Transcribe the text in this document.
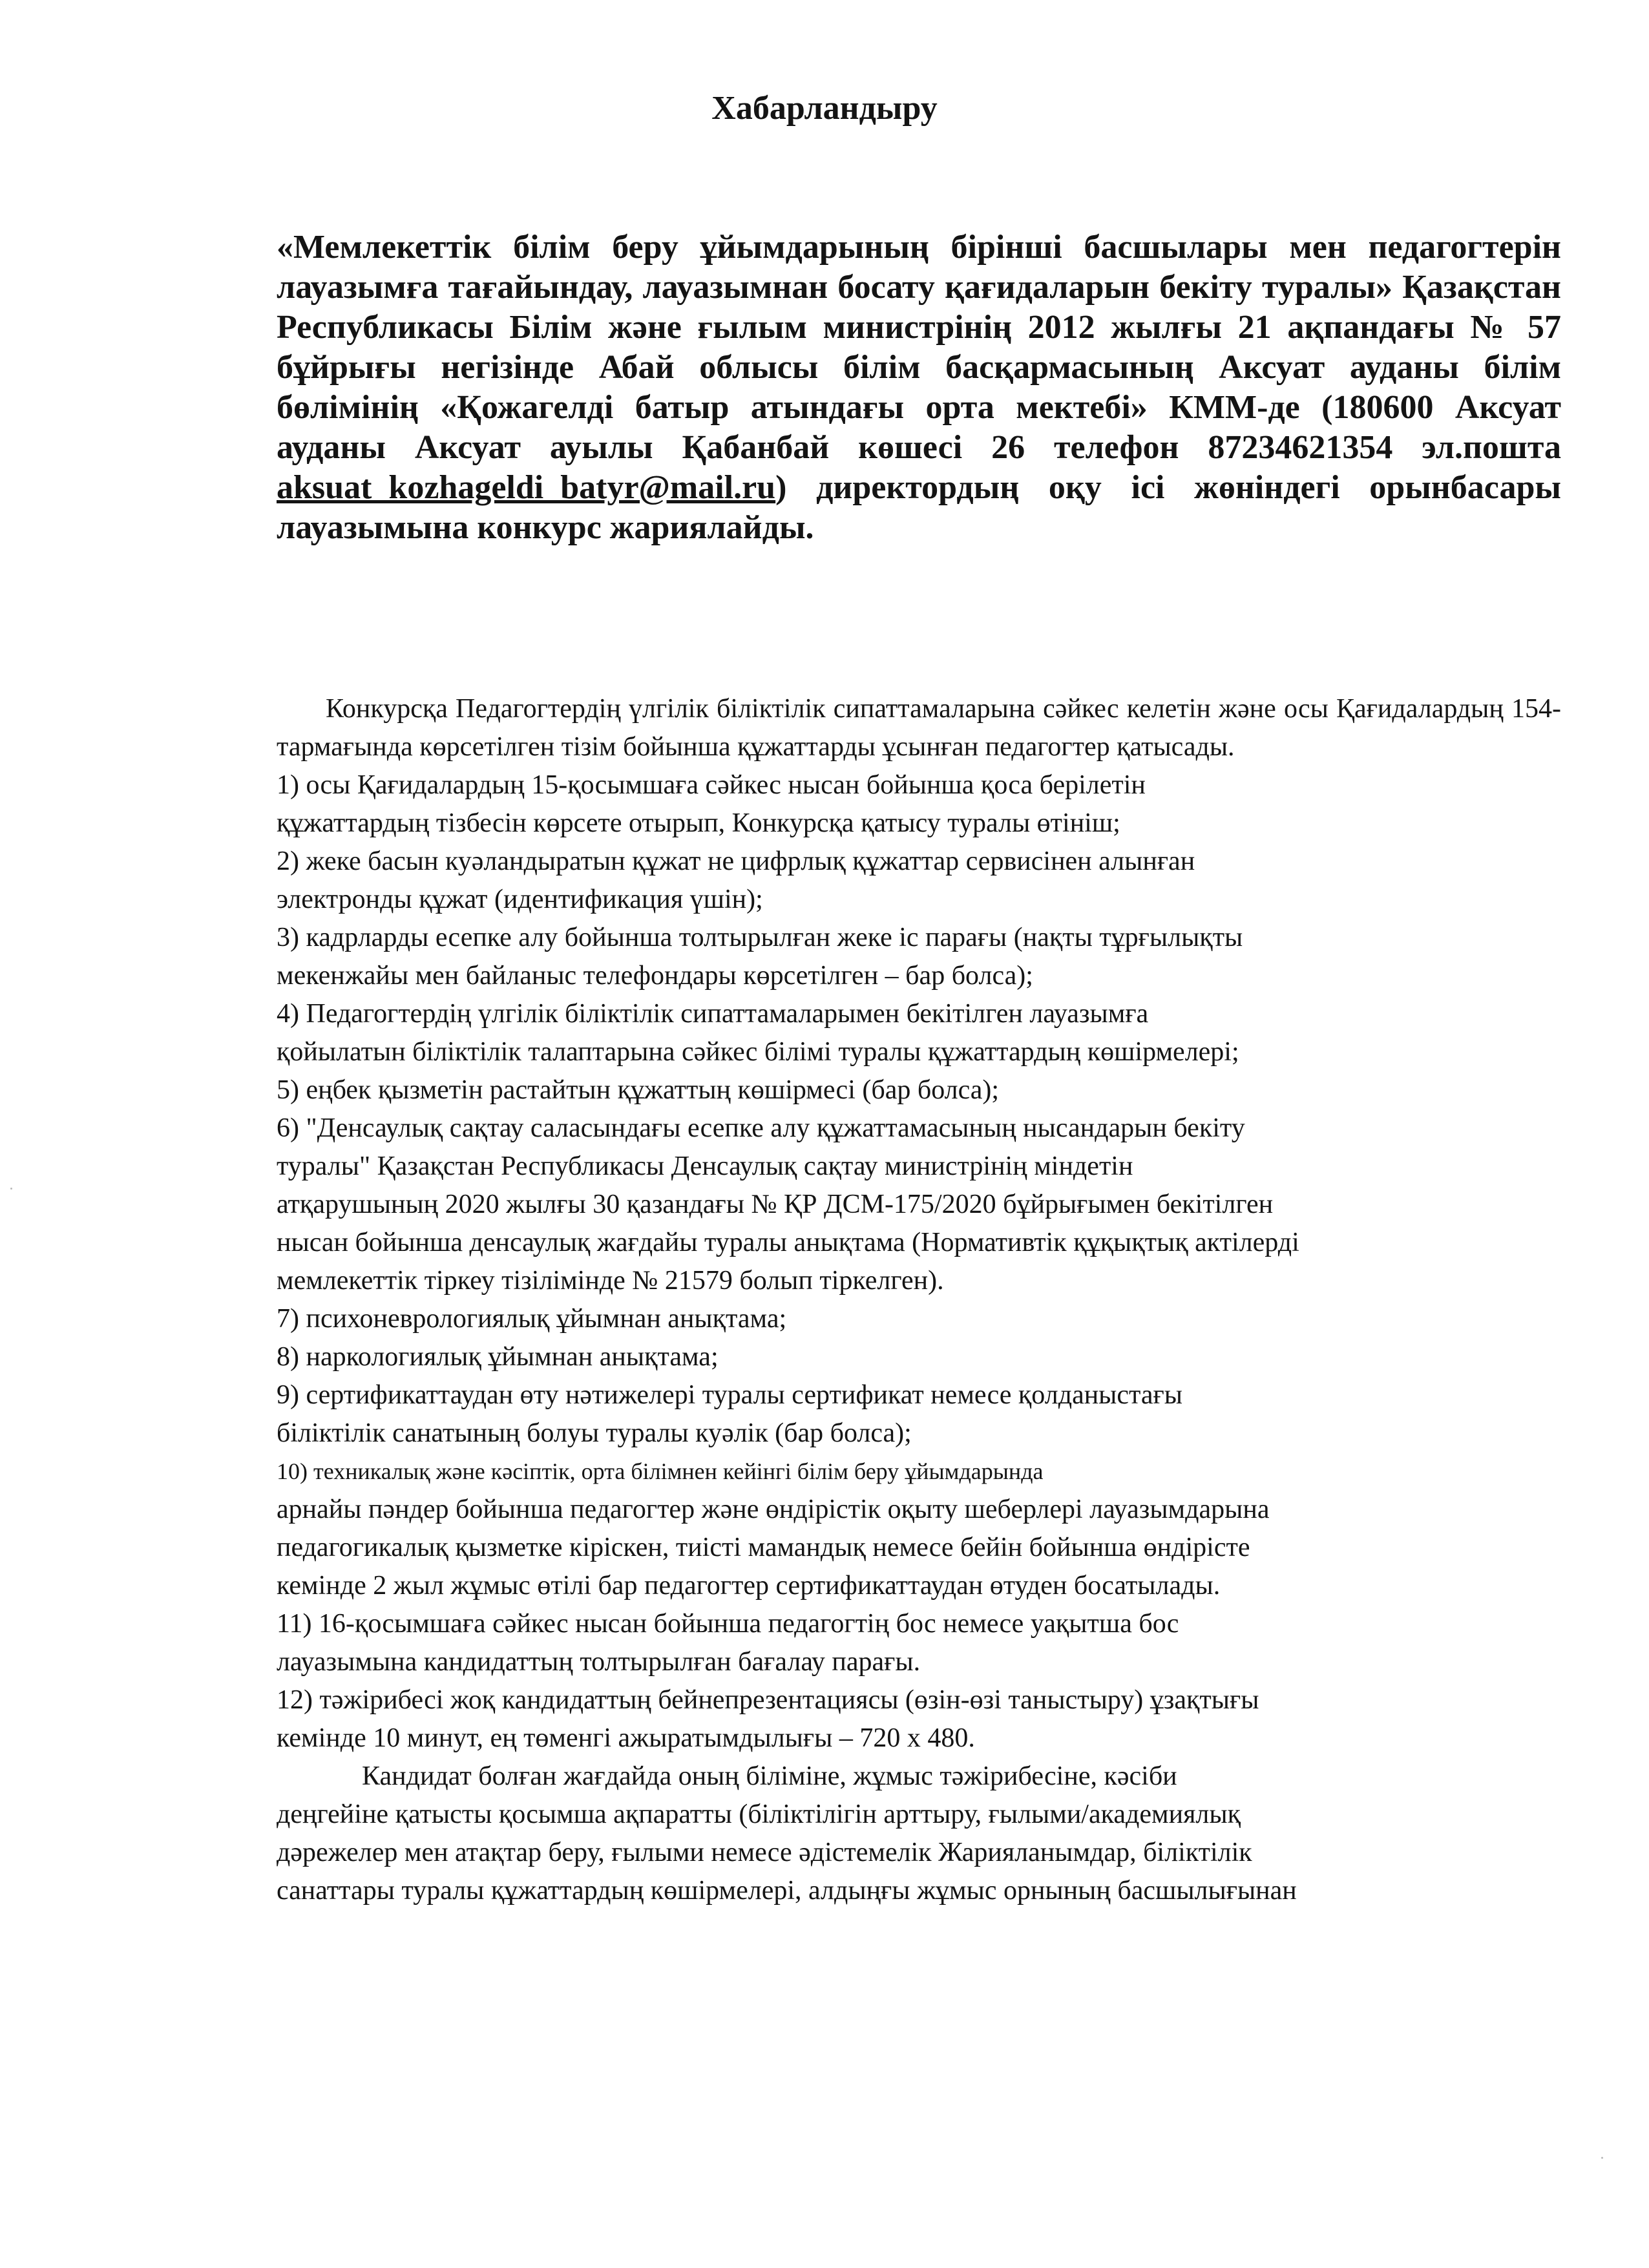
Хабарландыру

«Мемлекеттік білім беру ұйымдарының бірінші басшылары мен педагогтерін лауазымға тағайындау, лауазымнан босату қағидаларын бекіту туралы» Қазақстан Республикасы Білім және ғылым министрінің 2012 жылғы 21 ақпандағы № 57 бұйрығы негізінде Абай облысы білім басқармасының Аксуат ауданы білім бөлімінің «Қожагелді батыр атындағы орта мектебі» КММ-де (180600 Аксуат ауданы Аксуат ауылы Қабанбай көшесі 26 телефон 87234621354 эл.пошта aksuat_kozhageldi_batyr@mail.ru) директордың оқу ісі жөніндегі орынбасары лауазымына конкурс жариялайды.

Конкурсқа Педагогтердің үлгілік біліктілік сипаттамаларына сәйкес келетін және осы Қағидалардың 154-тармағында көрсетілген тізім бойынша құжаттарды ұсынған педагогтер қатысады.

1) осы Қағидалардың 15-қосымшаға сәйкес нысан бойынша қоса берілетін

құжаттардың тізбесін көрсете отырып, Конкурсқа қатысу туралы өтініш;

2) жеке басын куәландыратын құжат не цифрлық құжаттар сервисінен алынған

электронды құжат (идентификация үшін);

3) кадрларды есепке алу бойынша толтырылған жеке іс парағы (нақты тұрғылықты

мекенжайы мен байланыс телефондары көрсетілген – бар болса);

4) Педагогтердің үлгілік біліктілік сипаттамаларымен бекітілген лауазымға

қойылатын біліктілік талаптарына сәйкес білімі туралы құжаттардың көшірмелері;

5) еңбек қызметін растайтын құжаттың көшірмесі (бар болса);

6) "Денсаулық сақтау саласындағы есепке алу құжаттамасының нысандарын бекіту

туралы" Қазақстан Республикасы Денсаулық сақтау министрінің міндетін

атқарушының 2020 жылғы 30 қазандағы № ҚР ДСМ-175/2020 бұйрығымен бекітілген

нысан бойынша денсаулық жағдайы туралы анықтама (Нормативтік құқықтық актілерді

мемлекеттік тіркеу тізілімінде № 21579 болып тіркелген).

7) психоневрологиялық ұйымнан анықтама;

8) наркологиялық ұйымнан анықтама;

9) сертификаттаудан өту нәтижелері туралы сертификат немесе қолданыстағы

біліктілік санатының болуы туралы куәлік (бар болса);

10) техникалық және кәсіптік, орта білімнен кейінгі білім беру ұйымдарында

арнайы пәндер бойынша педагогтер және өндірістік оқыту шеберлері лауазымдарына

педагогикалық қызметке кіріскен, тиісті мамандық немесе бейін бойынша өндірісте

кемінде 2 жыл жұмыс өтілі бар педагогтер сертификаттаудан өтуден босатылады.

11) 16-қосымшаға сәйкес нысан бойынша педагогтің бос немесе уақытша бос

лауазымына кандидаттың толтырылған бағалау парағы.

12) тәжірибесі жоқ кандидаттың бейнепрезентациясы (өзін-өзі таныстыру) ұзақтығы

кемінде 10 минут, ең төменгі ажыратымдылығы – 720 x 480.

Кандидат болған жағдайда оның біліміне, жұмыс тәжірибесіне, кәсіби
деңгейіне қатысты қосымша ақпаратты (біліктілігін арттыру, ғылыми/академиялық
дәрежелер мен атақтар беру, ғылыми немесе әдістемелік Жарияланымдар, біліктілік
санаттары туралы құжаттардың көшірмелері, алдыңғы жұмыс орнының басшылығынан
